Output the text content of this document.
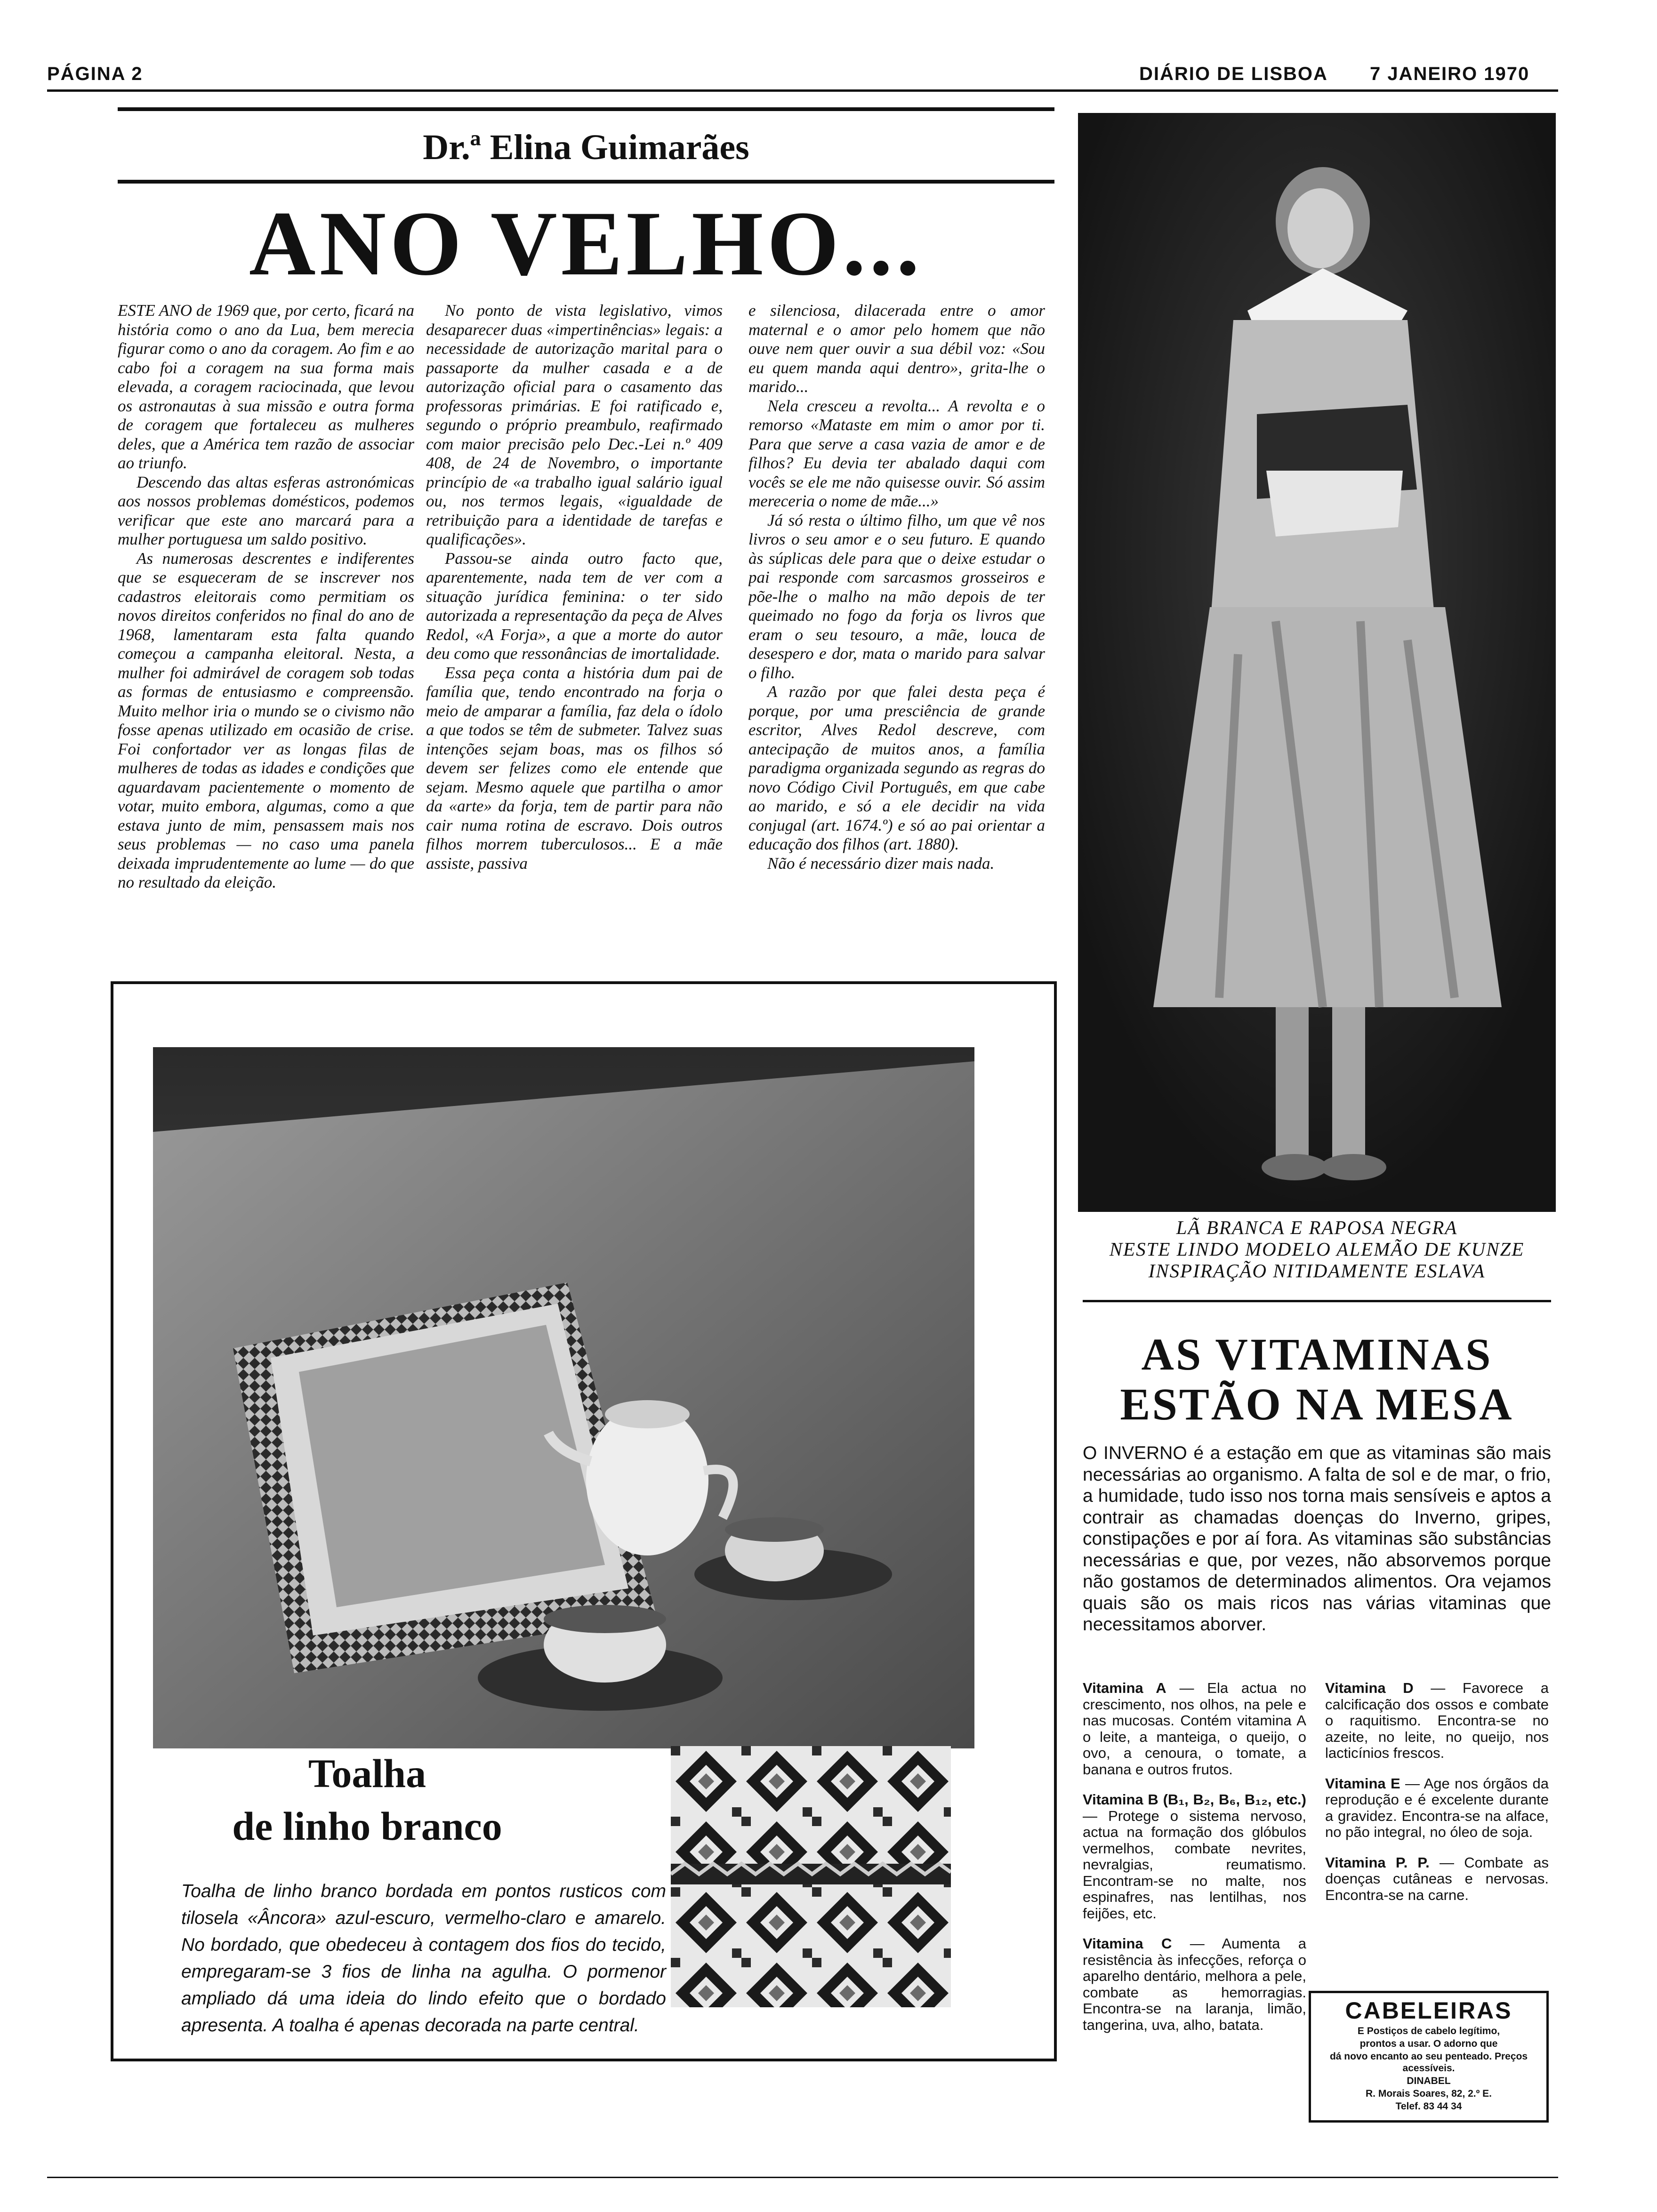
PÁGINA 2	DIÁRIO DE LISBOA 7 JANEIRO 1970
Dr.ª Elina Guimarães
ANO VELHO...

ESTE ANO de 1969 que, por certo, ficará na história como o ano da Lua, bem merecia figurar como o ano da coragem. Ao fim e ao cabo foi a coragem na sua forma mais elevada, a coragem raciocinada, que levou os astronautas à sua missão e outra forma de coragem que fortaleceu as mulheres deles, que a América tem razão de associar ao triunfo.

Descendo das altas esferas astronómicas aos nossos problemas domésticos, podemos verificar que este ano marcará para a mulher portuguesa um saldo positivo.

As numerosas descrentes e indiferentes que se esqueceram de se inscrever nos cadastros eleitorais como permitiam os novos direitos conferidos no final do ano de 1968, lamentaram esta falta quando começou a campanha eleitoral. Nesta, a mulher foi admirável de coragem sob todas as formas de entusiasmo e compreensão. Muito melhor iria o mundo se o civismo não fosse apenas utilizado em ocasião de crise. Foi confortador ver as longas filas de mulheres de todas as idades e condições que aguardavam pacientemente o momento de votar, muito embora, algumas, como a que estava junto de mim, pensassem mais nos seus problemas — no caso uma panela deixada imprudentemente ao lume — do que no resultado da eleição.

No ponto de vista legislativo, vimos desaparecer duas «impertinências» legais: a necessidade de autorização marital para o passaporte da mulher casada e a de autorização oficial para o casamento das professoras primárias. E foi ratificado e, segundo o próprio preambulo, reafirmado com maior precisão pelo Dec.-Lei n.º 409 408, de 24 de Novembro, o importante princípio de «a trabalho igual salário igual ou, nos termos legais, «igualdade de retribuição para a identidade de tarefas e qualificações».

Passou-se ainda outro facto que, aparentemente, nada tem de ver com a situação jurídica feminina: o ter sido autorizada a representação da peça de Alves Redol, «A Forja», a que a morte do autor deu como que ressonâncias de imortalidade.

Essa peça conta a história dum pai de família que, tendo encontrado na forja o meio de amparar a família, faz dela o ídolo a que todos se têm de submeter. Talvez suas intenções sejam boas, mas os filhos só devem ser felizes como ele entende que sejam. Mesmo aquele que partilha o amor da «arte» da forja, tem de partir para não cair numa rotina de escravo. Dois outros filhos morrem tuberculosos... E a mãe assiste, passiva

e silenciosa, dilacerada entre o amor maternal e o amor pelo homem que não ouve nem quer ouvir a sua débil voz: «Sou eu quem manda aqui dentro», grita-lhe o marido...

Nela cresceu a revolta... A revolta e o remorso «Mataste em mim o amor por ti. Para que serve a casa vazia de amor e de filhos? Eu devia ter abalado daqui com vocês se ele me não quisesse ouvir. Só assim mereceria o nome de mãe...»

Já só resta o último filho, um que vê nos livros o seu amor e o seu futuro. E quando às súplicas dele para que o deixe estudar o pai responde com sarcasmos grosseiros e põe-lhe o malho na mão depois de ter queimado no fogo da forja os livros que eram o seu tesouro, a mãe, louca de desespero e dor, mata o marido para salvar o filho.

A razão por que falei desta peça é porque, por uma presciência de grande escritor, Alves Redol descreve, com antecipação de muitos anos, a família paradigma organizada segundo as regras do novo Código Civil Português, em que cabe ao marido, e só a ele decidir na vida conjugal (art. 1674.º) e só ao pai orientar a educação dos filhos (art. 1880).

Não é necessário dizer mais nada.

LÃ BRANCA E RAPOSA NEGRA
NESTE LINDO MODELO ALEMÃO DE KUNZE
INSPIRAÇÃO NITIDAMENTE ESLAVA
AS VITAMINAS
ESTÃO NA MESA
O INVERNO é a estação em que as vitaminas são mais necessárias ao organismo. A falta de sol e de mar, o frio, a humidade, tudo isso nos torna mais sensíveis e aptos a contrair as chamadas doenças do Inverno, gripes, constipações e por aí fora. As vitaminas são substâncias necessárias e que, por vezes, não absorvemos porque não gostamos de determinados alimentos. Ora vejamos quais são os mais ricos nas várias vitaminas que necessitamos aborver.

Vitamina A — Ela actua no crescimento, nos olhos, na pele e nas mucosas. Contém vitamina A o leite, a manteiga, o queijo, o ovo, a cenoura, o tomate, a banana e outros frutos.

Vitamina B (B₁, B₂, B₆, B₁₂, etc.) — Protege o sistema nervoso, actua na formação dos glóbulos vermelhos, combate nevrites, nevralgias, reumatismo. Encontram-se no malte, nos espinafres, nas lentilhas, nos feijões, etc.

Vitamina C — Aumenta a resistência às infecções, reforça o aparelho dentário, melhora a pele, combate as hemorragias. Encontra-se na laranja, limão, tangerina, uva, alho, batata.

Vitamina D — Favorece a calcificação dos ossos e combate o raquitismo. Encontra-se no azeite, no leite, no queijo, nos lacticínios frescos.

Vitamina E — Age nos órgãos da reprodução e é excelente durante a gravidez. Encontra-se na alface, no pão integral, no óleo de soja.

Vitamina P. P. — Combate as doenças cutâneas e nervosas. Encontra-se na carne.

CABELEIRAS
E Postiços de cabelo legítimo,
prontos a usar. O adorno que
dá novo encanto ao seu penteado. Preços acessíveis.
DINABEL
R. Morais Soares, 82, 2.º E.
Telef. 83 44 34
Toalha
de linho branco
Toalha de linho branco bordada em pontos rusticos com tilosela «Âncora» azul-escuro, vermelho-claro e amarelo. No bordado, que obedeceu à contagem dos fios do tecido, empregaram-se 3 fios de linha na agulha. O pormenor ampliado dá uma ideia do lindo efeito que o bordado apresenta. A toalha é apenas decorada na parte central.
